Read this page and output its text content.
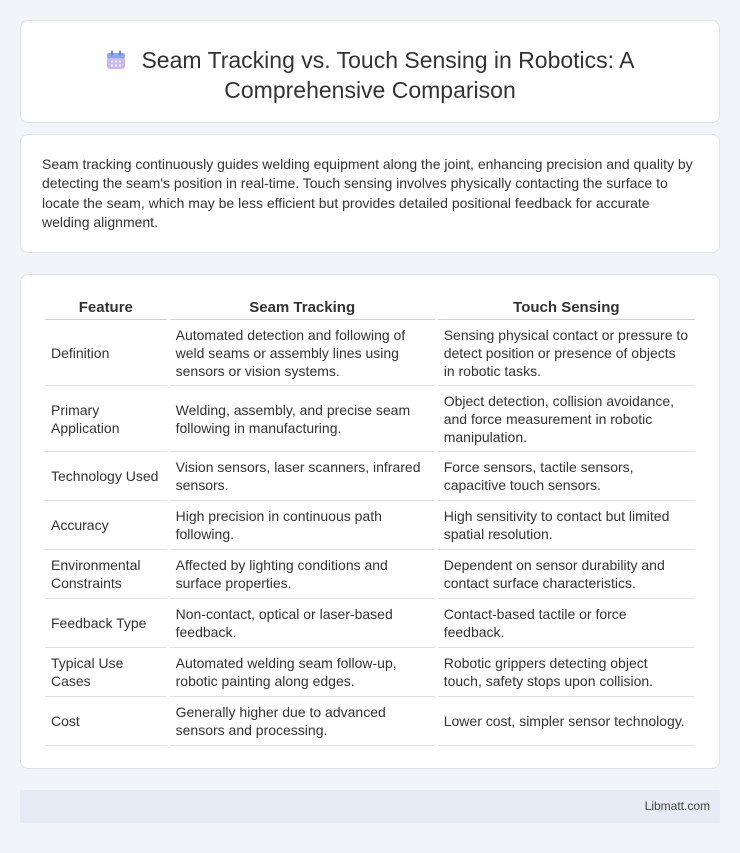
Seam Tracking vs. Touch Sensing in Robotics: A
Comprehensive Comparison

Seam tracking continuously guides welding equipment along the joint, enhancing precision and quality by detecting the seam's position in real-time. Touch sensing involves physically contacting the surface to locate the seam, which may be less efficient but provides detailed positional feedback for accurate welding alignment.

Feature	Seam Tracking	Touch Sensing
Definition	Automated detection and following of weld seams or assembly lines using sensors or vision systems.	Sensing physical contact or pressure to detect position or presence of objects in robotic tasks.
Primary Application	Welding, assembly, and precise seam following in manufacturing.	Object detection, collision avoidance, and force measurement in robotic manipulation.
Technology Used	Vision sensors, laser scanners, infrared sensors.	Force sensors, tactile sensors, capacitive touch sensors.
Accuracy	High precision in continuous path following.	High sensitivity to contact but limited spatial resolution.
Environmental Constraints	Affected by lighting conditions and surface properties.	Dependent on sensor durability and contact surface characteristics.
Feedback Type	Non-contact, optical or laser-based feedback.	Contact-based tactile or force feedback.
Typical Use Cases	Automated welding seam follow-up, robotic painting along edges.	Robotic grippers detecting object touch, safety stops upon collision.
Cost	Generally higher due to advanced sensors and processing.	Lower cost, simpler sensor technology.
Libmatt.com
